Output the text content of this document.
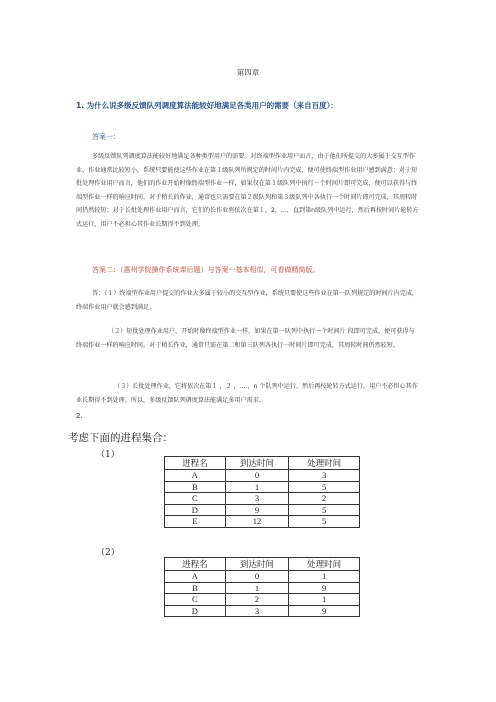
第四章
1. 为什么说多级反馈队列调度算法能较好地满足各类用户的需要（来自百度）：
答案一：
多级反馈队列调度算法能较好地满足各种类型用户的需要。对终端型作业用户而言，由于他们所提交的大多属于交互型作业，作业通常比较短小，系统只要能使这些作业在第１级队列所规定的时间片内完成，便可使终端型作业用户感到满意；对于短批处理作业用户而言，他们的作业开始时像终端型作业一样，如果仅在第１级队列中执行一个时间片即可完成，便可以获得与终端型作业一样的响应时间，对于稍长的作业，通常也只需要在第２级队列和第３级队列中各执行一个时间片即可完成，其周转时间仍然较短；对于长批处理作业用户而言，它们的长作业将依次在第１，2，...，直到第n级队列中运行，然后再按时间片轮转方式运行，用户不必担心其作业长期得不到处理。
答案二：（惠州学院操作系统课后题）与答案一基本相似，可看做精简版。
答：（１）终端型作业用户提交的作业大多属于较小的交互型作业，系统只要使这些作业在第一队列规定的时间片内完成，终端作业用户就会感到满足。
（２）短批处理作业用户，开始时像终端型作业一样，如果在第一队列中执行一个时间片 段即可完成，便可获得与终端作业一样的响应时间。对于稍长作业，通常只需在第二和第三队列各执行一时间片即可完成，其周转时间仍然较短。
（３）长批处理作业，它将依次在第１ ，２ ，... ，n 个队列中运行，然后再按轮转方式运行，用户不必担心其作业长期得不到处理。所以，多级反馈队列调度算法能满足多用户需求。
2.
考虑下面的进程集合：
（1）
（2）
进程名	到达时间	处理时间
A	0	3
B	1	5
C	3	2
D	9	5
E	12	5
进程名	到达时间	处理时间
A	0	1
B	1	9
C	2	1
D	3	9
